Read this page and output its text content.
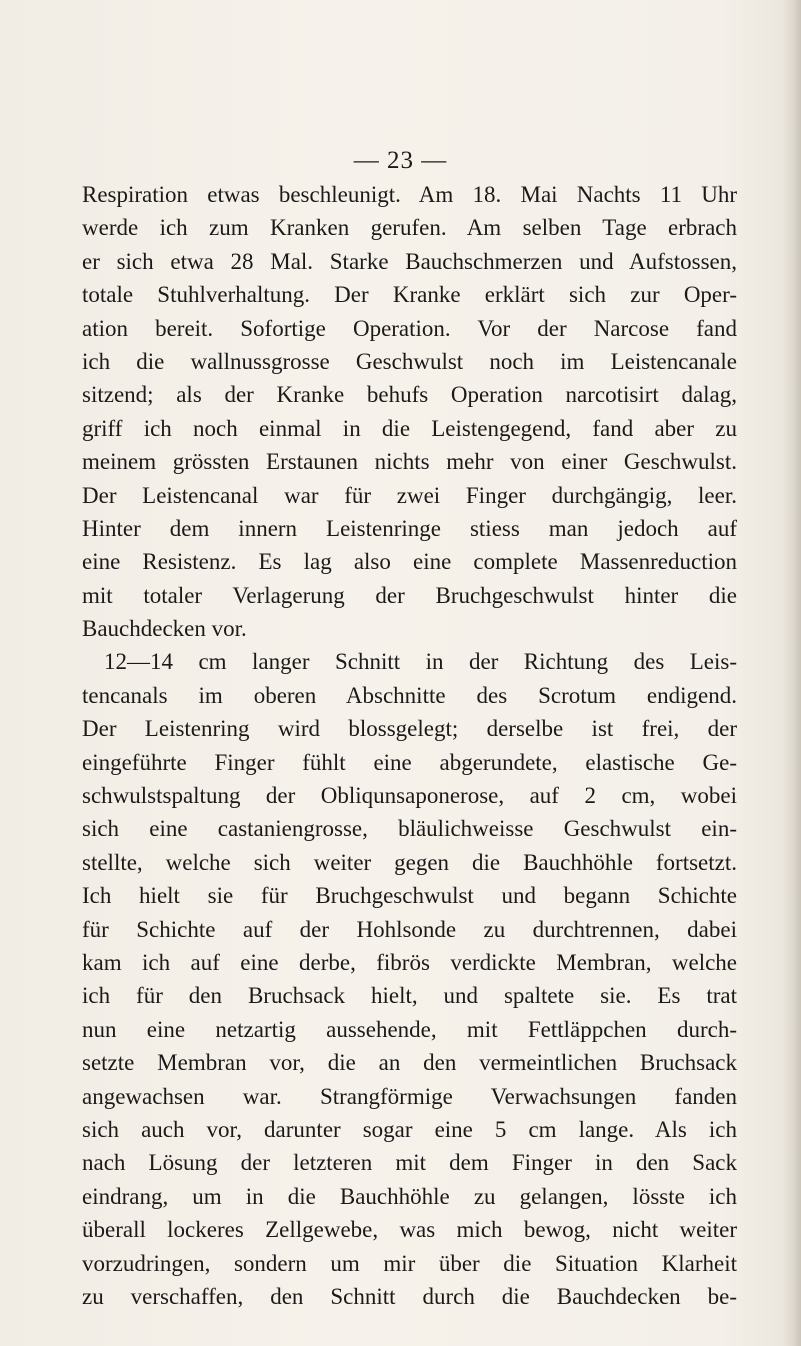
— 23 —
Respiration etwas beschleunigt. Am 18. Mai Nachts 11 Uhr
werde ich zum Kranken gerufen. Am selben Tage erbrach
er sich etwa 28 Mal. Starke Bauchschmerzen und Aufstossen,
totale Stuhlverhaltung. Der Kranke erklärt sich zur Oper-
ation bereit. Sofortige Operation. Vor der Narcose fand
ich die wallnussgrosse Geschwulst noch im Leistencanale
sitzend; als der Kranke behufs Operation narcotisirt dalag,
griff ich noch einmal in die Leistengegend, fand aber zu
meinem grössten Erstaunen nichts mehr von einer Geschwulst.
Der Leistencanal war für zwei Finger durchgängig, leer.
Hinter dem innern Leistenringe stiess man jedoch auf
eine Resistenz. Es lag also eine complete Massenreduction
mit totaler Verlagerung der Bruchgeschwulst hinter die
Bauchdecken vor.
12—14 cm langer Schnitt in der Richtung des Leis-
tencanals im oberen Abschnitte des Scrotum endigend.
Der Leistenring wird blossgelegt; derselbe ist frei, der
eingeführte Finger fühlt eine abgerundete, elastische Ge-
schwulstspaltung der Obliqunsaponerose, auf 2 cm, wobei
sich eine castaniengrosse, bläulichweisse Geschwulst ein-
stellte, welche sich weiter gegen die Bauchhöhle fortsetzt.
Ich hielt sie für Bruchgeschwulst und begann Schichte
für Schichte auf der Hohlsonde zu durchtrennen, dabei
kam ich auf eine derbe, fibrös verdickte Membran, welche
ich für den Bruchsack hielt, und spaltete sie. Es trat
nun eine netzartig aussehende, mit Fettläppchen durch-
setzte Membran vor, die an den vermeintlichen Bruchsack
angewachsen war. Strangförmige Verwachsungen fanden
sich auch vor, darunter sogar eine 5 cm lange. Als ich
nach Lösung der letzteren mit dem Finger in den Sack
eindrang, um in die Bauchhöhle zu gelangen, lösste ich
überall lockeres Zellgewebe, was mich bewog, nicht weiter
vorzudringen, sondern um mir über die Situation Klarheit
zu verschaffen, den Schnitt durch die Bauchdecken be-
